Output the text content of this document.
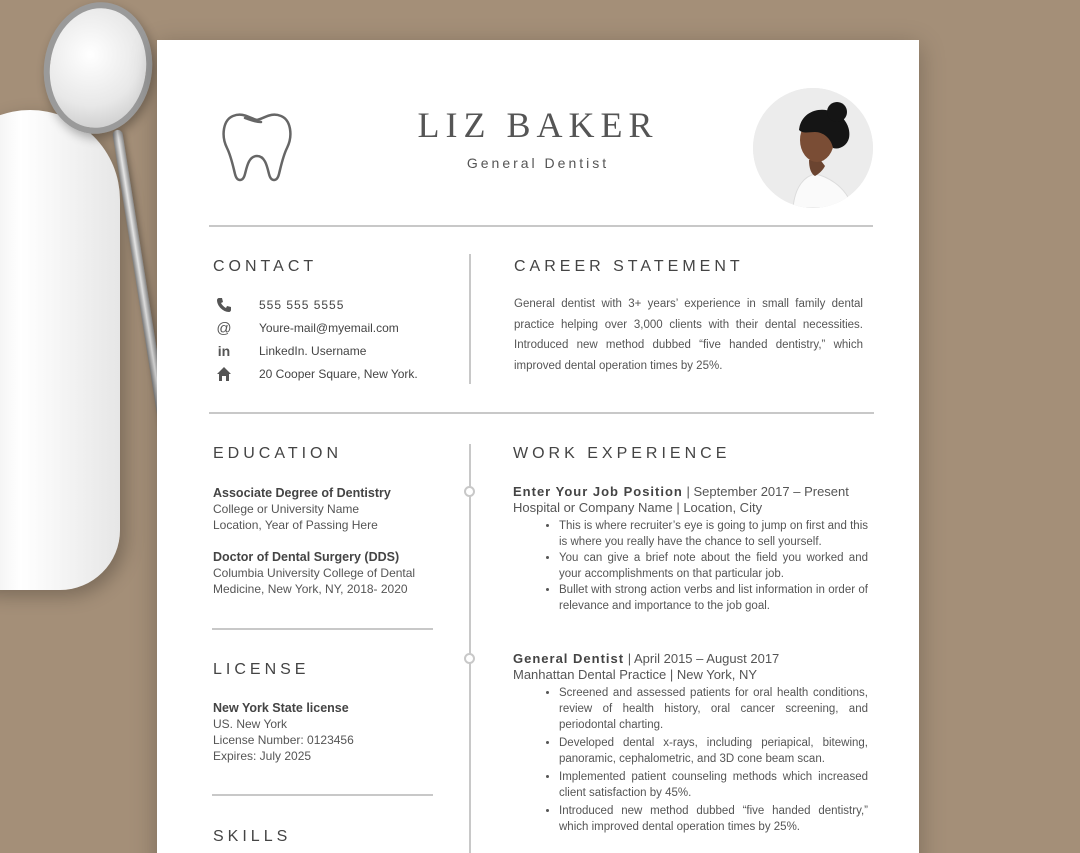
LIZ BAKER
General Dentist
CONTACT	CAREER STATEMENT
555 555 5555
@ Youre-mail@myemail.com
in LinkedIn. Username
20 Cooper Square, New York.
General dentist with 3+ years’ experience in small family dental practice helping over 3,000 clients with their dental necessities. Introduced new method dubbed “five handed dentistry,” which improved dental operation times by 25%.
EDUCATION	WORK EXPERIENCE
Associate Degree of Dentistry
College or University Name
Location, Year of Passing Here
Doctor of Dental Surgery (DDS)
Columbia University College of Dental
Medicine, New York, NY, 2018- 2020
LICENSE
New York State license
US. New York
License Number: 0123456
Expires: July 2025
SKILLS
Enter Your Job Position | September 2017 – Present
Hospital or Company Name | Location, City
• This is where recruiter’s eye is going to jump on first and this is where you really have the chance to sell yourself.
• You can give a brief note about the field you worked and your accomplishments on that particular job.
• Bullet with strong action verbs and list information in order of relevance and importance to the job goal.
General Dentist | April 2015 – August 2017
Manhattan Dental Practice | New York, NY
• Screened and assessed patients for oral health conditions, review of health history, oral cancer screening, and periodontal charting.
• Developed dental x-rays, including periapical, bitewing, panoramic, cephalometric, and 3D cone beam scan.
• Implemented patient counseling methods which increased client satisfaction by 45%.
• Introduced new method dubbed “five handed dentistry,” which improved dental operation times by 25%.
